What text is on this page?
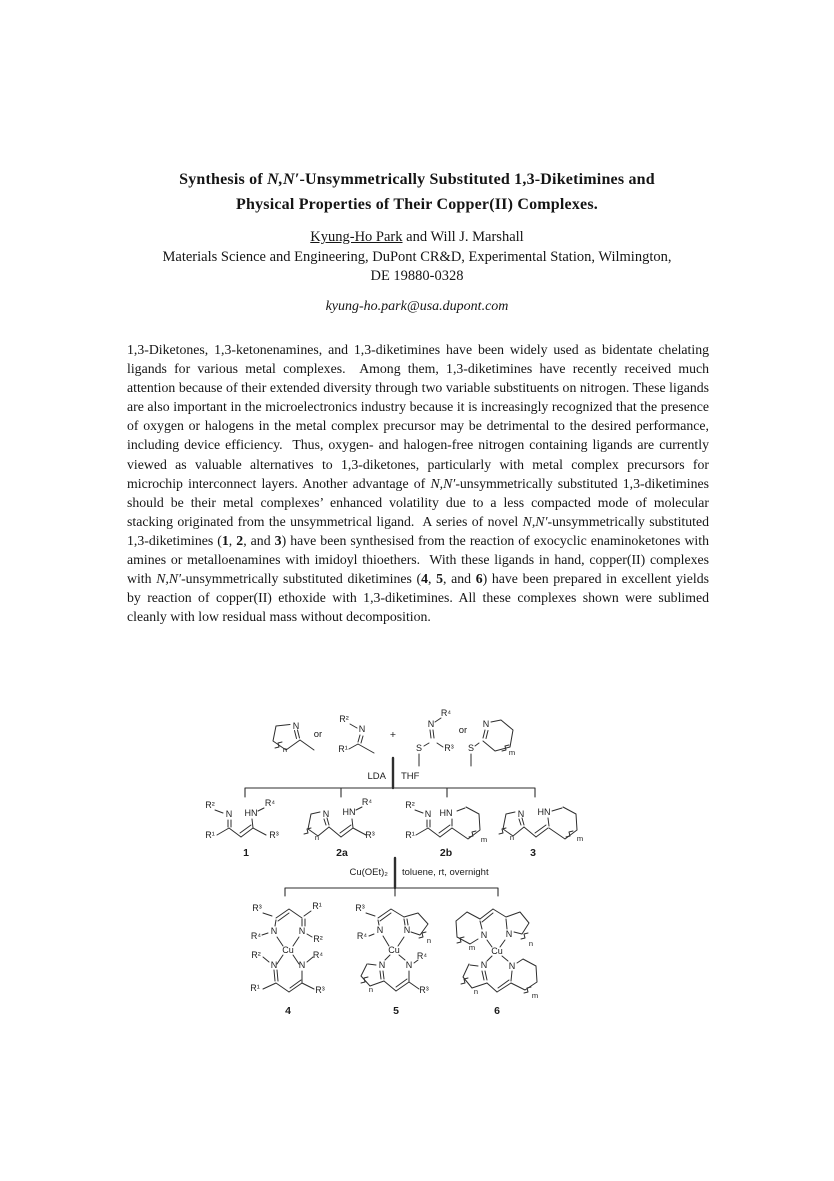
Synthesis of N,N′-Unsymmetrically Substituted 1,3-Diketimines and
Physical Properties of Their Copper(II) Complexes.
Kyung-Ho Park and Will J. Marshall
Materials Science and Engineering, DuPont CR&D, Experimental Station, Wilmington,
DE 19880-0328
kyung-ho.park@usa.dupont.com
1,3-Diketones, 1,3-ketonenamines, and 1,3-diketimines have been widely used as bidentate chelating ligands for various metal complexes.  Among them, 1,3-diketimines have recently received much attention because of their extended diversity through two variable substituents on nitrogen. These ligands are also important in the microelectronics industry because it is increasingly recognized that the presence of oxygen or halogens in the metal complex precursor may be detrimental to the desired performance, including device efficiency.  Thus, oxygen- and halogen-free nitrogen containing ligands are currently viewed as valuable alternatives to 1,3-diketones, particularly with metal complex precursors for microchip interconnect layers. Another advantage of N,N′-unsymmetrically substituted 1,3-diketimines should be their metal complexes’ enhanced volatility due to a less compacted mode of molecular stacking originated from the unsymmetrical ligand.  A series of novel N,N′-unsymmetrically substituted 1,3-diketimines (1, 2, and 3) have been synthesised from the reaction of exocyclic enaminoketones with amines or metalloenamines with imidoyl thioethers.  With these ligands in hand, copper(II) complexes with N,N′-unsymmetrically substituted diketimines (4, 5, and 6) have been prepared in excellent yields by reaction of copper(II) ethoxide with 1,3-diketimines. All these complexes shown were sublimed cleanly with low residual mass without decomposition.
N
n
or
R²
N
R¹
+
R⁴
N
S R³
or
N
S	m
LDA THF
R²
N HN
R⁴
R¹	R³
1
N
n
HN
R⁴
R³
2a
R²
N HN
R¹	m
2b
N
n
HN
m
3
Cu(OEt)₂ toluene, rt, overnight
R³	R¹
N N
R⁴	R²
Cu
R²	R⁴
N N
R¹	R³
4
R³
N
R⁴
N
n
Cu
N
n
N
R⁴
R³
5
N
m
N
n
Cu
N
n
N
m
6
